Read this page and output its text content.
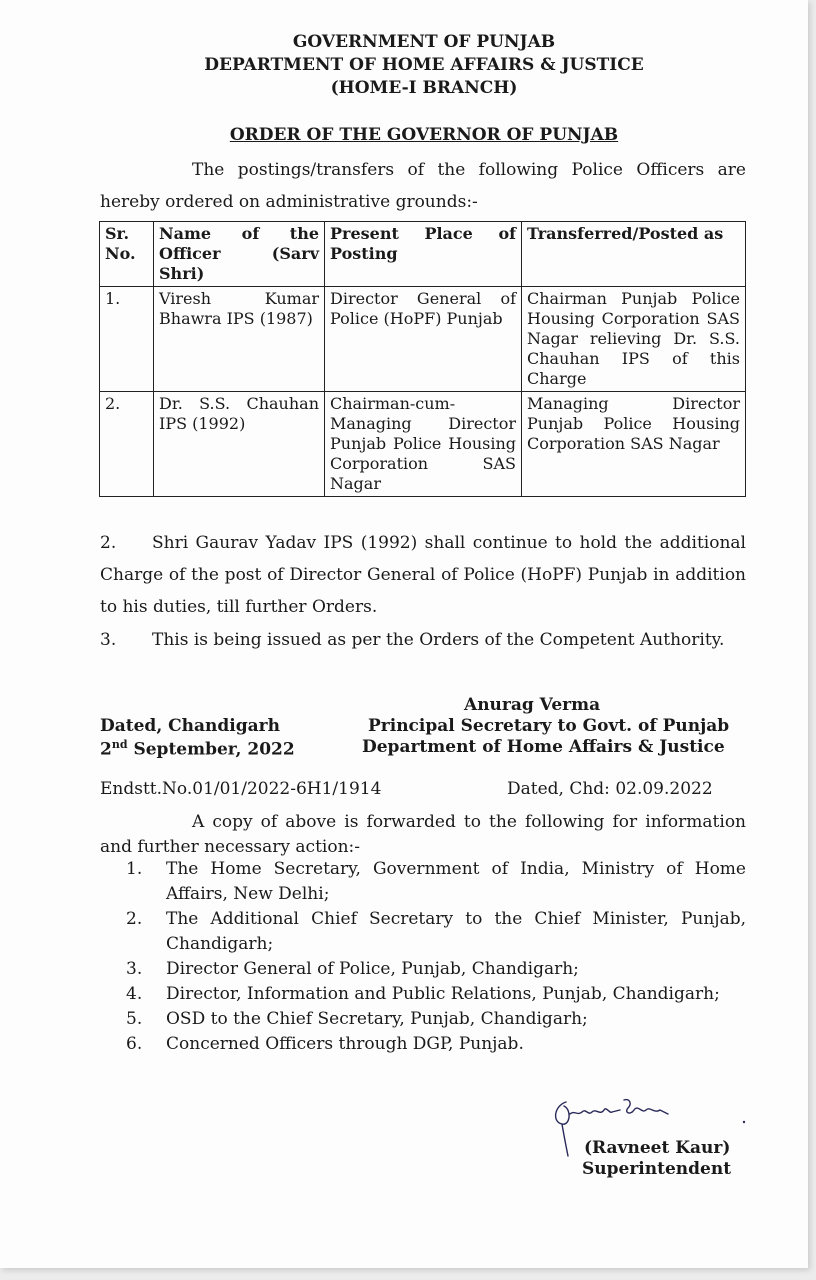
GOVERNMENT OF PUNJAB
DEPARTMENT OF HOME AFFAIRS & JUSTICE
(HOME-I BRANCH)
ORDER OF THE GOVERNOR OF PUNJAB
The postings/transfers of the following Police Officers are hereby ordered on administrative grounds:-
Sr. No.	Name of the Officer (Sarv Shri)	Present Place of Posting	Transferred/Posted as
1.	Viresh Kumar Bhawra IPS (1987)	Director General of Police (HoPF) Punjab	Chairman Punjab Police Housing Corporation SAS Nagar relieving Dr. S.S. Chauhan IPS of this Charge
2.	Dr. S.S. Chauhan IPS (1992)	Chairman-cum-Managing Director Punjab Police Housing Corporation SAS Nagar	Managing Director Punjab Police Housing Corporation SAS Nagar
2. Shri Gaurav Yadav IPS (1992) shall continue to hold the additional Charge of the post of Director General of Police (HoPF) Punjab in addition to his duties, till further Orders.
3. This is being issued as per the Orders of the Competent Authority.
Dated, Chandigarh
2nd September, 2022
Anurag Verma
Principal Secretary to Govt. of Punjab
Department of Home Affairs & Justice
Endstt.No.01/01/2022-6H1/1914	Dated, Chd: 02.09.2022
A copy of above is forwarded to the following for information and further necessary action:-
1.	The Home Secretary, Government of India, Ministry of Home Affairs, New Delhi;
2.	The Additional Chief Secretary to the Chief Minister, Punjab, Chandigarh;
3.	Director General of Police, Punjab, Chandigarh;
4.	Director, Information and Public Relations, Punjab, Chandigarh;
5.	OSD to the Chief Secretary, Punjab, Chandigarh;
6.	Concerned Officers through DGP, Punjab.
(Ravneet Kaur)
Superintendent
